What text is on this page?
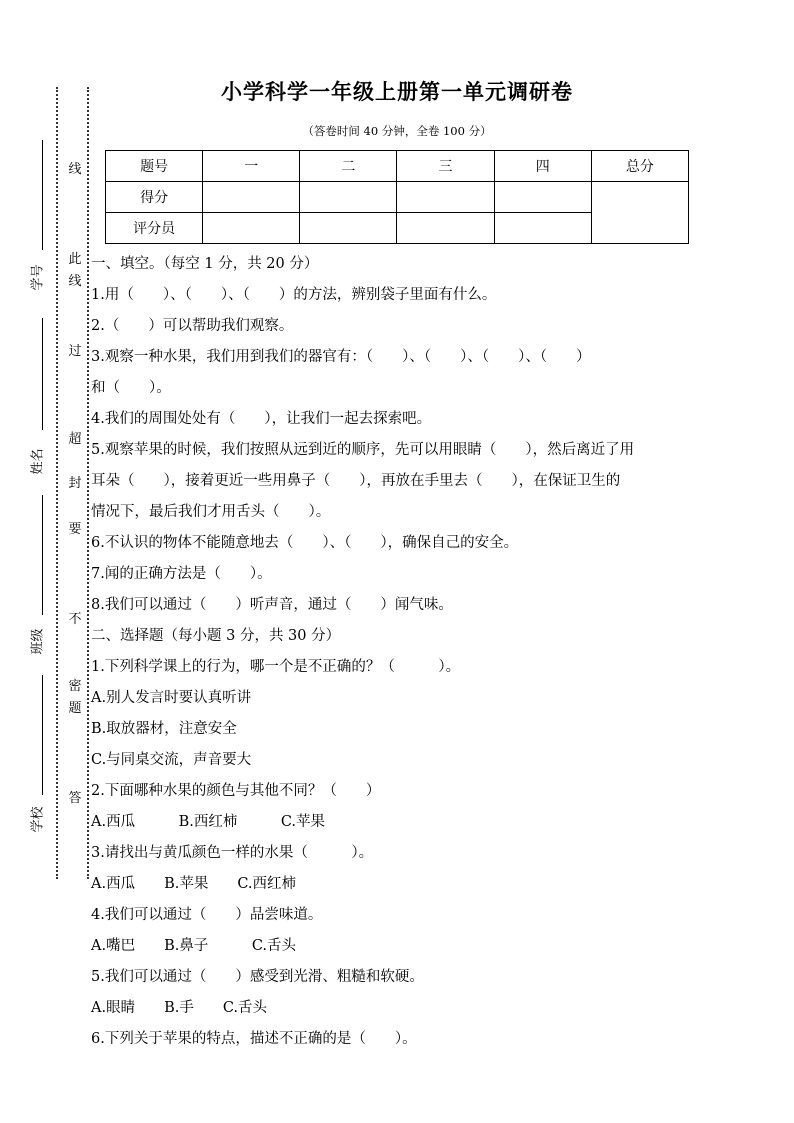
学号
姓名
班级
学校
线
此
线
过
超
封
要
不
密
题
答
小学科学一年级上册第一单元调研卷
（答卷时间 40 分钟，全卷 100 分）
题号	一	二	三	四	总分
得分					
评分员					
一、填空。（每空 1 分，共 20 分）
1.用（　　）、（　　）、（　　）的方法，辨别袋子里面有什么。
2.（　　）可以帮助我们观察。
3.观察一种水果，我们用到我们的器官有：（　　）、（　　）、（　　）、（　　）
和（　　）。
4.我们的周围处处有（　　），让我们一起去探索吧。
5.观察苹果的时候，我们按照从远到近的顺序，先可以用眼睛（　　），然后离近了用
耳朵（　　），接着更近一些用鼻子（　　），再放在手里去（　　），在保证卫生的
情况下，最后我们才用舌头（　　）。
6.不认识的物体不能随意地去（　　）、（　　），确保自己的安全。
7.闻的正确方法是（　　）。
8.我们可以通过（　　）听声音，通过（　　）闻气味。
二、选择题（每小题 3 分，共 30 分）
1.下列科学课上的行为，哪一个是不正确的？（　　　）。
A.别人发言时要认真听讲
B.取放器材，注意安全
C.与同桌交流，声音要大
2.下面哪种水果的颜色与其他不同？（　　）
A.西瓜　　　B.西红柿　　　C.苹果
3.请找出与黄瓜颜色一样的水果（　　　）。
A.西瓜　　B.苹果　　C.西红柿
4.我们可以通过（　　）品尝味道。
A.嘴巴　　B.鼻子　　　C.舌头
5.我们可以通过（　　）感受到光滑、粗糙和软硬。
A.眼睛　　B.手　　C.舌头
6.下列关于苹果的特点，描述不正确的是（　　）。
